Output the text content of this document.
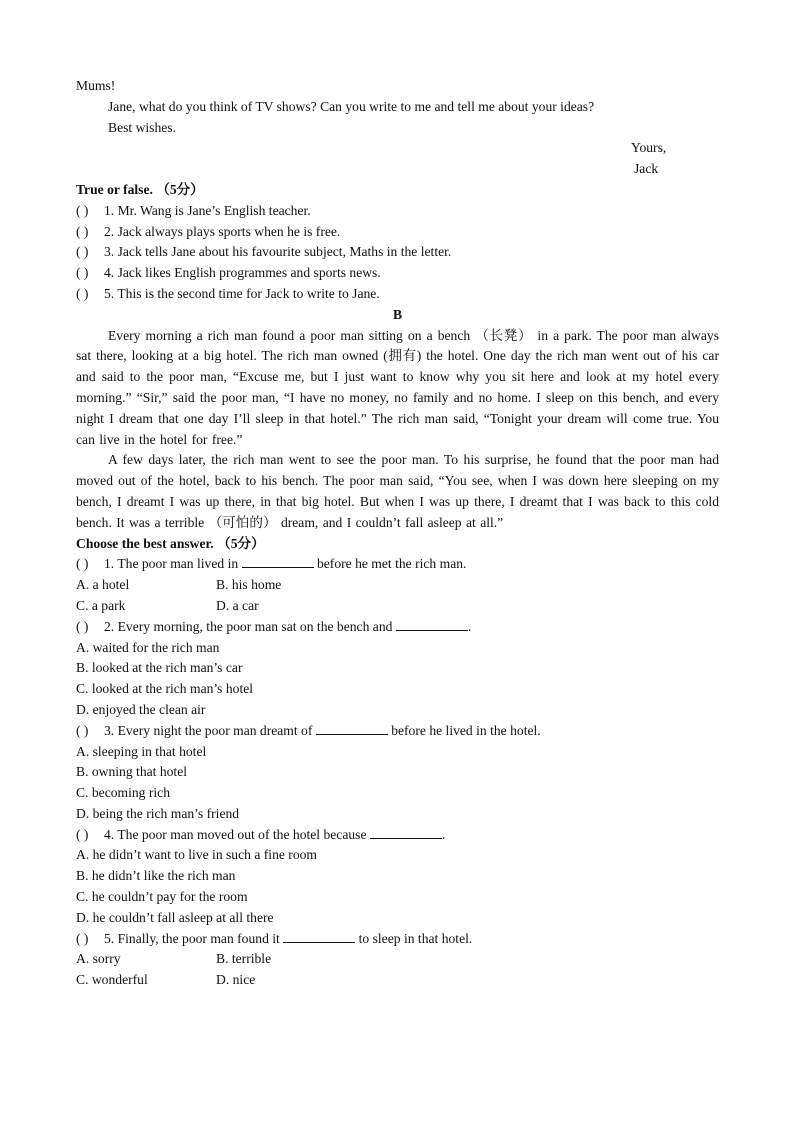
Mums!
Jane, what do you think of TV shows? Can you write to me and tell me about your ideas?
Best wishes.
Yours,
Jack
True or false. （5分）
( ) 1. Mr. Wang is Jane’s English teacher.
( ) 2. Jack always plays sports when he is free.
( ) 3. Jack tells Jane about his favourite subject, Maths in the letter.
( ) 4. Jack likes English programmes and sports news.
( ) 5. This is the second time for Jack to write to Jane.
B

Every morning a rich man found a poor man sitting on a bench （长凳） in a park. The poor man always sat there, looking at a big hotel. The rich man owned (拥有) the hotel. One day the rich man went out of his car and said to the poor man, “Excuse me, but I just want to know why you sit here and look at my hotel every morning.” “Sir,” said the poor man, “I have no money, no family and no home. I sleep on this bench, and every night I dream that one day I’ll sleep in that hotel.” The rich man said, “Tonight your dream will come true. You can live in the hotel for free.”

A few days later, the rich man went to see the poor man. To his surprise, he found that the poor man had moved out of the hotel, back to his bench. The poor man said, “You see, when I was down here sleeping on my bench, I dreamt I was up there, in that big hotel. But when I was up there, I dreamt that I was back to this cold bench. It was a terrible （可怕的） dream, and I couldn’t fall asleep at all.”

Choose the best answer. （5分）
( ) 1. The poor man lived in	before he met the rich man.
A. a hotel	B. his home
C. a park	D. a car
( ) 2. Every morning, the poor man sat on the bench and	.
A. waited for the rich man
B. looked at the rich man’s car
C. looked at the rich man’s hotel
D. enjoyed the clean air
( ) 3. Every night the poor man dreamt of	before he lived in the hotel.
A. sleeping in that hotel
B. owning that hotel
C. becoming rich
D. being the rich man’s friend
( ) 4. The poor man moved out of the hotel because	.
A. he didn’t want to live in such a fine room
B. he didn’t like the rich man
C. he couldn’t pay for the room
D. he couldn’t fall asleep at all there
( ) 5. Finally, the poor man found it	to sleep in that hotel.
A. sorry	B. terrible
C. wonderful	D. nice
